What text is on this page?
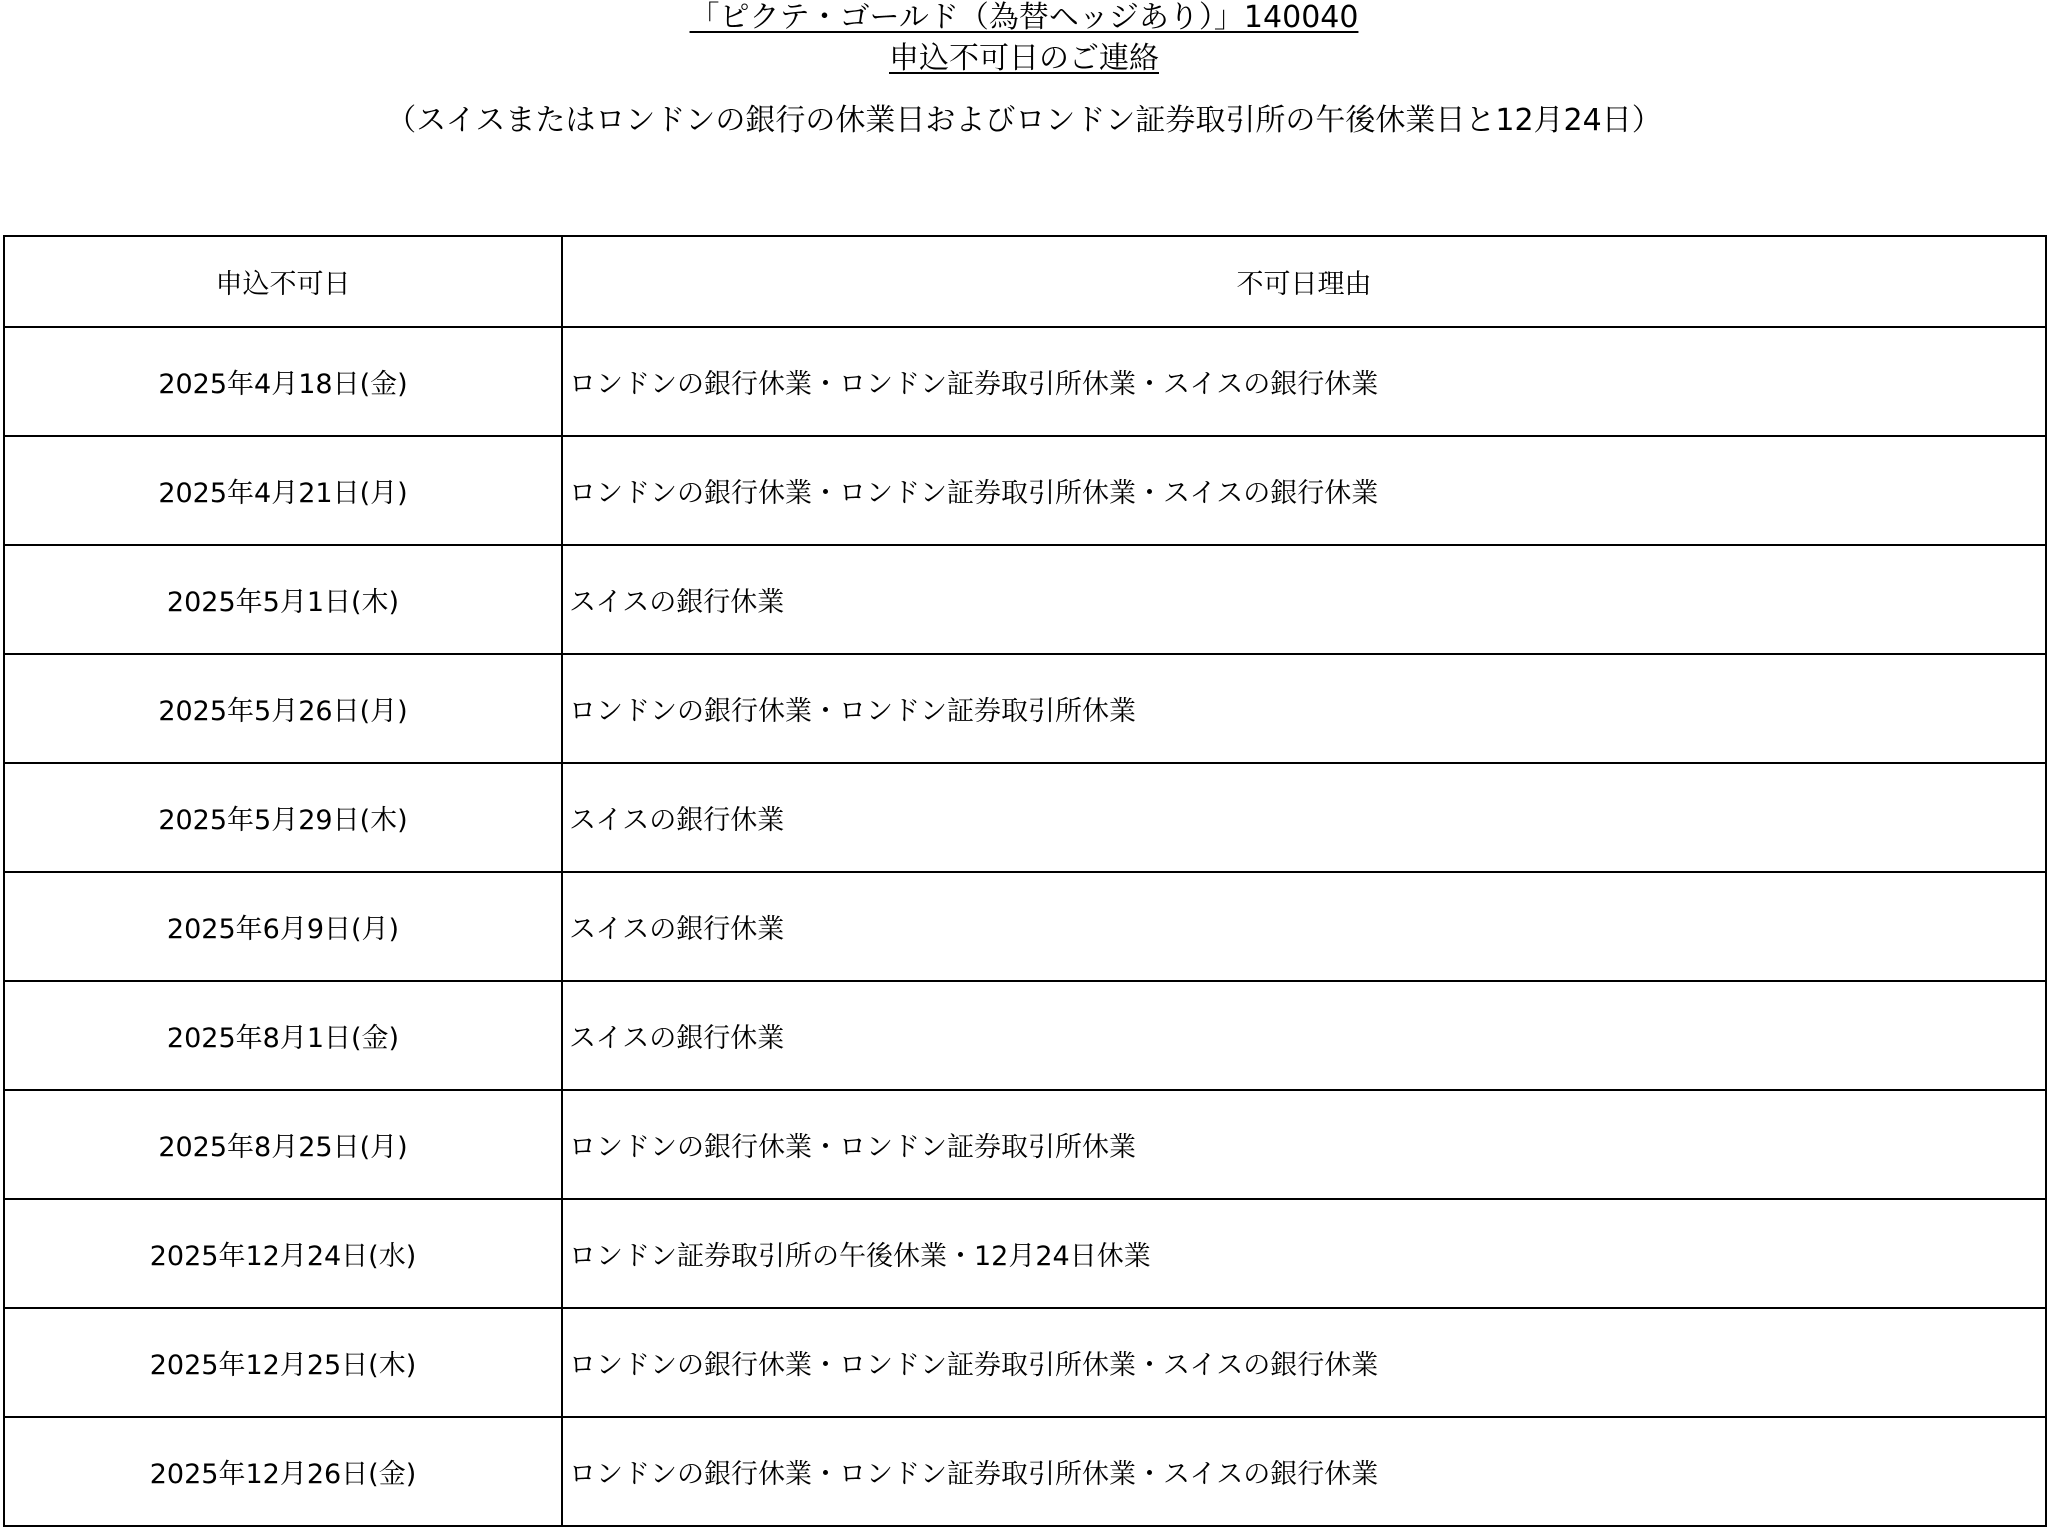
「ピクテ・ゴールド（為替ヘッジあり）」140040
申込不可日のご連絡
（スイスまたはロンドンの銀行の休業日およびロンドン証券取引所の午後休業日と12月24日）
申込不可日	不可日理由
2025年4月18日(金)	ロンドンの銀行休業・ロンドン証券取引所休業・スイスの銀行休業
2025年4月21日(月)	ロンドンの銀行休業・ロンドン証券取引所休業・スイスの銀行休業
2025年5月1日(木)	スイスの銀行休業
2025年5月26日(月)	ロンドンの銀行休業・ロンドン証券取引所休業
2025年5月29日(木)	スイスの銀行休業
2025年6月9日(月)	スイスの銀行休業
2025年8月1日(金)	スイスの銀行休業
2025年8月25日(月)	ロンドンの銀行休業・ロンドン証券取引所休業
2025年12月24日(水)	ロンドン証券取引所の午後休業・12月24日休業
2025年12月25日(木)	ロンドンの銀行休業・ロンドン証券取引所休業・スイスの銀行休業
2025年12月26日(金)	ロンドンの銀行休業・ロンドン証券取引所休業・スイスの銀行休業
